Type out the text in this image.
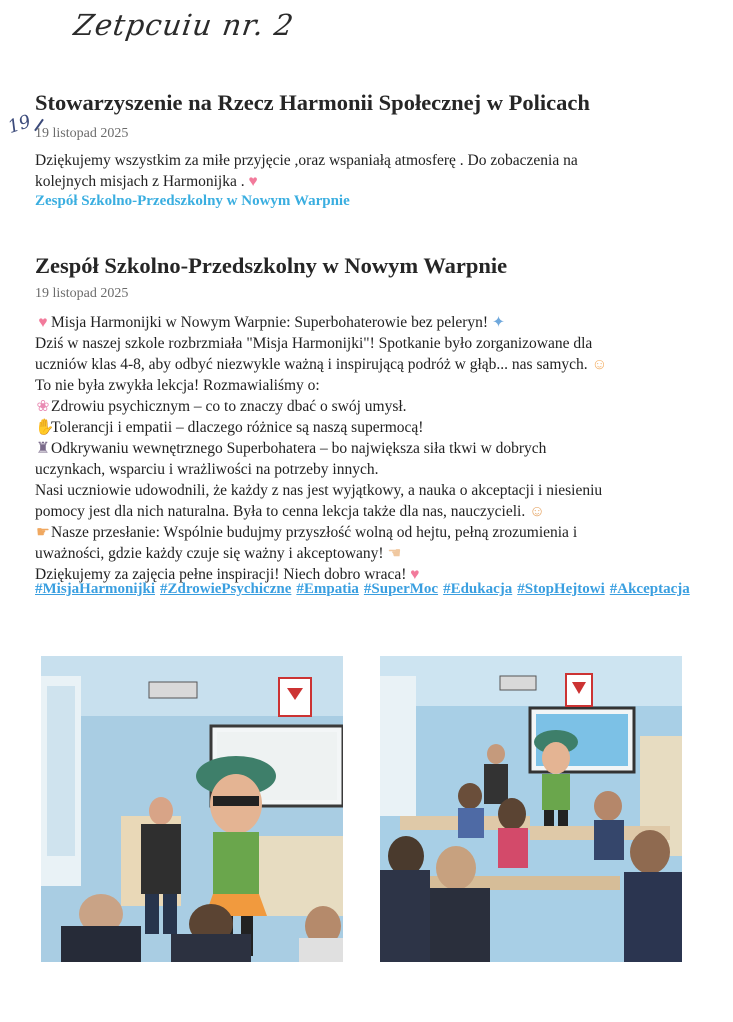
Zetpcuiu nr. 2
Stowarzyszenie na Rzecz Harmonii Społecznej w Policach
19 19 listopad 2025

Dziękujemy wszystkim za miłe przyjęcie ,oraz wspaniałą atmosferę . Do zobaczenia na

kolejnych misjach z Harmonijka . ♥

Zespół Szkolno-Przedszkolny w Nowym Warpnie
Zespół Szkolno-Przedszkolny w Nowym Warpnie
19 listopad 2025

♥ Misja Harmonijki w Nowym Warpnie: Superbohaterowie bez peleryn! ✦

Dziś w naszej szkole rozbrzmiała "Misja Harmonijki"! Spotkanie było zorganizowane dla

uczniów klas 4-8, aby odbyć niezwykle ważną i inspirującą podróż w głąb... nas samych. ☺

To nie była zwykła lekcja! Rozmawialiśmy o:

❀Zdrowiu psychicznym – co to znaczy dbać o swój umysł.

✋Tolerancji i empatii – dlaczego różnice są naszą supermocą!

♜Odkrywaniu wewnętrznego Superbohatera – bo największa siła tkwi w dobrych

uczynkach, wsparciu i wrażliwości na potrzeby innych.

Nasi uczniowie udowodnili, że każdy z nas jest wyjątkowy, a nauka o akceptacji i niesieniu

pomocy jest dla nich naturalna. Była to cenna lekcja także dla nas, nauczycieli. ☺

☛Nasze przesłanie: Wspólnie budujmy przyszłość wolną od hejtu, pełną zrozumienia i

uważności, gdzie każdy czuje się ważny i akceptowany! ☚

Dziękujemy za zajęcia pełne inspiracji! Niech dobro wraca! ♥

#MisjaHarmonijki #ZdrowiePsychiczne #Empatia #SuperMoc #Edukacja #StopHejtowi #Akceptacja
